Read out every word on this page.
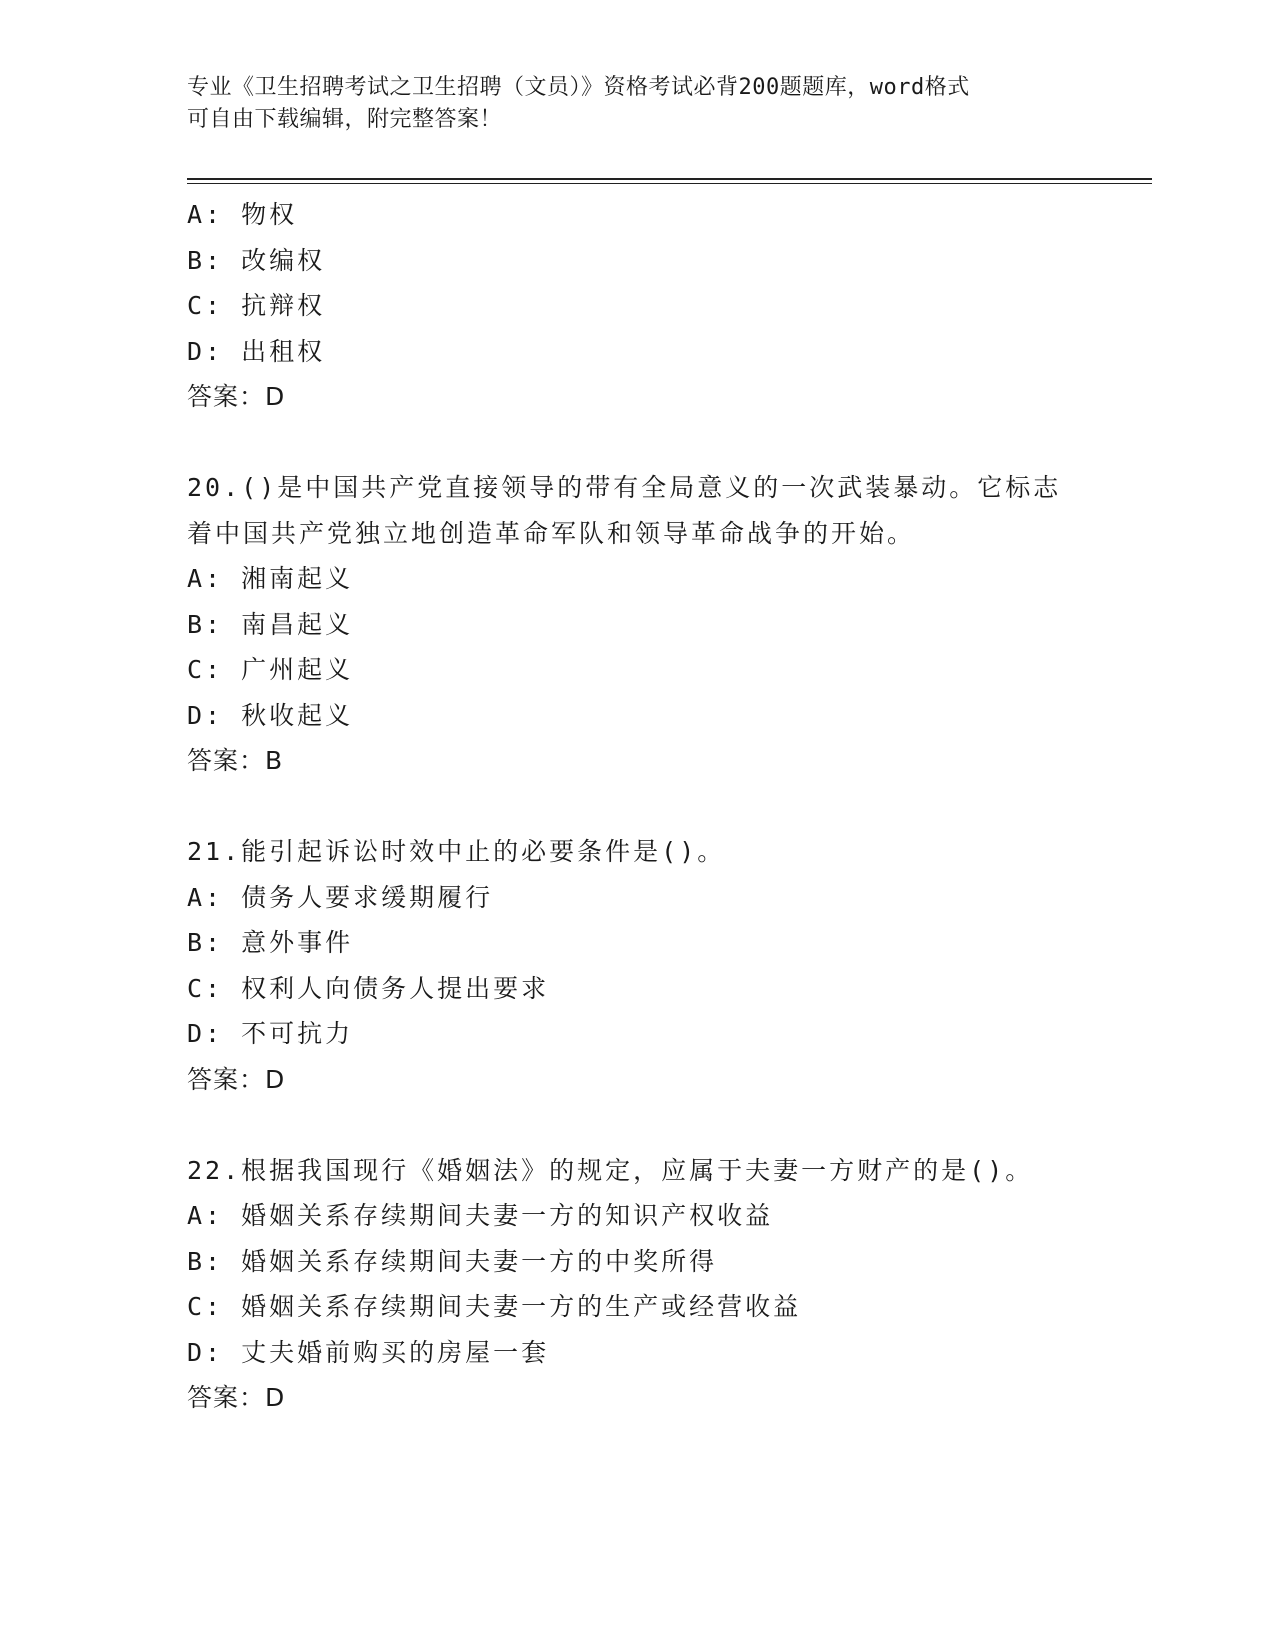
专业《卫生招聘考试之卫生招聘（文员）》资格考试必背200题题库，word格式
可自由下载编辑，附完整答案！
A: 物权
B: 改编权
C: 抗辩权
D: 出租权
答案：D
20.()是中国共产党直接领导的带有全局意义的一次武装暴动。它标志着中国共产党独立地创造革命军队和领导革命战争的开始。
A: 湘南起义
B: 南昌起义
C: 广州起义
D: 秋收起义
答案：B
21.能引起诉讼时效中止的必要条件是()。
A: 债务人要求缓期履行
B: 意外事件
C: 权利人向债务人提出要求
D: 不可抗力
答案：D
22.根据我国现行《婚姻法》的规定，应属于夫妻一方财产的是()。
A: 婚姻关系存续期间夫妻一方的知识产权收益
B: 婚姻关系存续期间夫妻一方的中奖所得
C: 婚姻关系存续期间夫妻一方的生产或经营收益
D: 丈夫婚前购买的房屋一套
答案：D
